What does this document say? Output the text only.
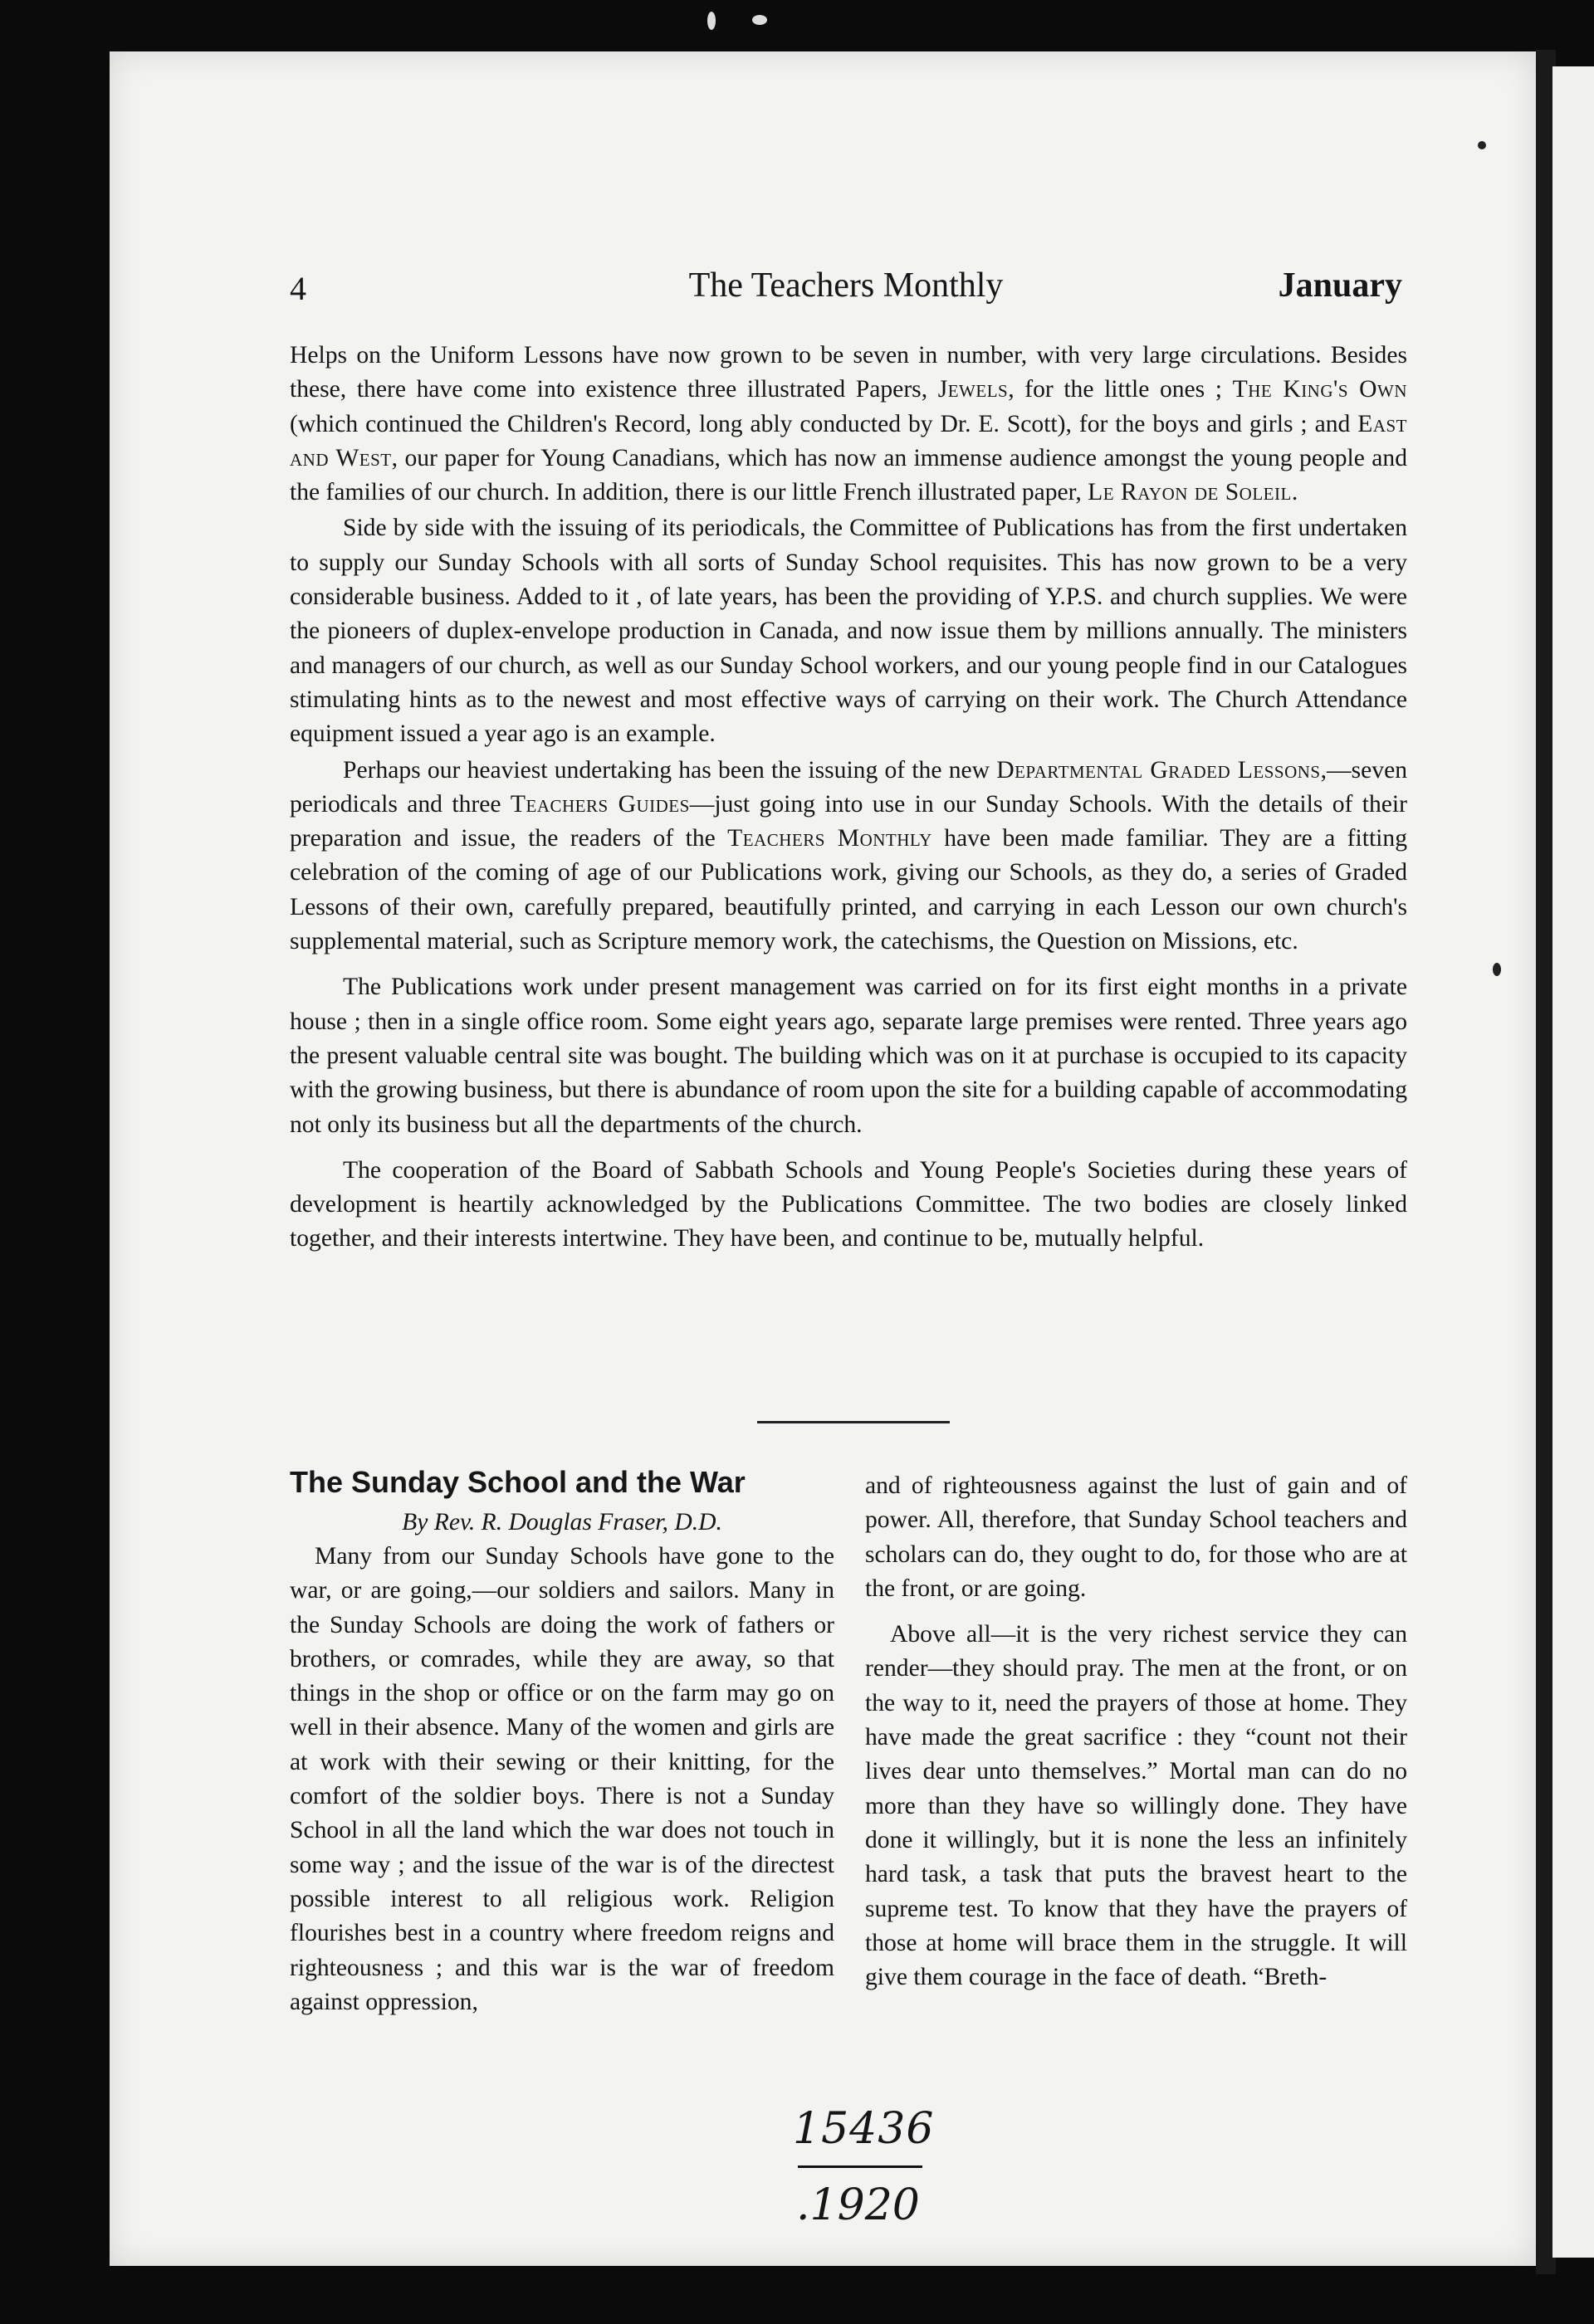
4	The Teachers Monthly	January

Helps on the Uniform Lessons have now grown to be seven in number, with very large circulations. Besides these, there have come into existence three illustrated Papers, Jewels, for the little ones ; The King's Own (which continued the Children's Record, long ably conducted by Dr. E. Scott), for the boys and girls ; and East and West, our paper for Young Canadians, which has now an immense audience amongst the young people and the families of our church. In addition, there is our little French illustrated paper, Le Rayon de Soleil.

Side by side with the issuing of its periodicals, the Committee of Publications has from the first undertaken to supply our Sunday Schools with all sorts of Sunday School requisites. This has now grown to be a very considerable business. Added to it , of late years, has been the providing of Y.P.S. and church supplies. We were the pioneers of duplex-envelope production in Canada, and now issue them by millions annually. The ministers and managers of our church, as well as our Sunday School workers, and our young people find in our Catalogues stimulating hints as to the newest and most effective ways of carrying on their work. The Church Attendance equipment issued a year ago is an example.

Perhaps our heaviest undertaking has been the issuing of the new Departmental Graded Lessons,—seven periodicals and three Teachers Guides—just going into use in our Sunday Schools. With the details of their preparation and issue, the readers of the Teachers Monthly have been made familiar. They are a fitting celebration of the coming of age of our Publications work, giving our Schools, as they do, a series of Graded Lessons of their own, carefully prepared, beautifully printed, and carrying in each Lesson our own church's supplemental material, such as Scripture memory work, the catechisms, the Question on Missions, etc.

The Publications work under present management was carried on for its first eight months in a private house ; then in a single office room. Some eight years ago, separate large premises were rented. Three years ago the present valuable central site was bought. The building which was on it at purchase is occupied to its capacity with the growing business, but there is abundance of room upon the site for a building capable of accommodating not only its business but all the departments of the church.

The cooperation of the Board of Sabbath Schools and Young People's Societies during these years of development is heartily acknowledged by the Publications Committee. The two bodies are closely linked together, and their interests intertwine. They have been, and continue to be, mutually helpful.

The Sunday School and the War

By Rev. R. Douglas Fraser, D.D.

Many from our Sunday Schools have gone to the war, or are going,—our soldiers and sailors. Many in the Sunday Schools are doing the work of fathers or brothers, or comrades, while they are away, so that things in the shop or office or on the farm may go on well in their absence. Many of the women and girls are at work with their sewing or their knitting, for the comfort of the soldier boys. There is not a Sunday School in all the land which the war does not touch in some way ; and the issue of the war is of the directest possible interest to all religious work. Religion flourishes best in a country where freedom reigns and righteousness ; and this war is the war of freedom against oppression,

and of righteousness against the lust of gain and of power. All, therefore, that Sunday School teachers and scholars can do, they ought to do, for those who are at the front, or are going.

Above all—it is the very richest service they can render—they should pray. The men at the front, or on the way to it, need the prayers of those at home. They have made the great sacrifice : they “count not their lives dear unto themselves.” Mortal man can do no more than they have so willingly done. They have done it willingly, but it is none the less an infinitely hard task, a task that puts the bravest heart to the supreme test. To know that they have the prayers of those at home will brace them in the struggle. It will give them courage in the face of death. “Breth-

15436
.1920
